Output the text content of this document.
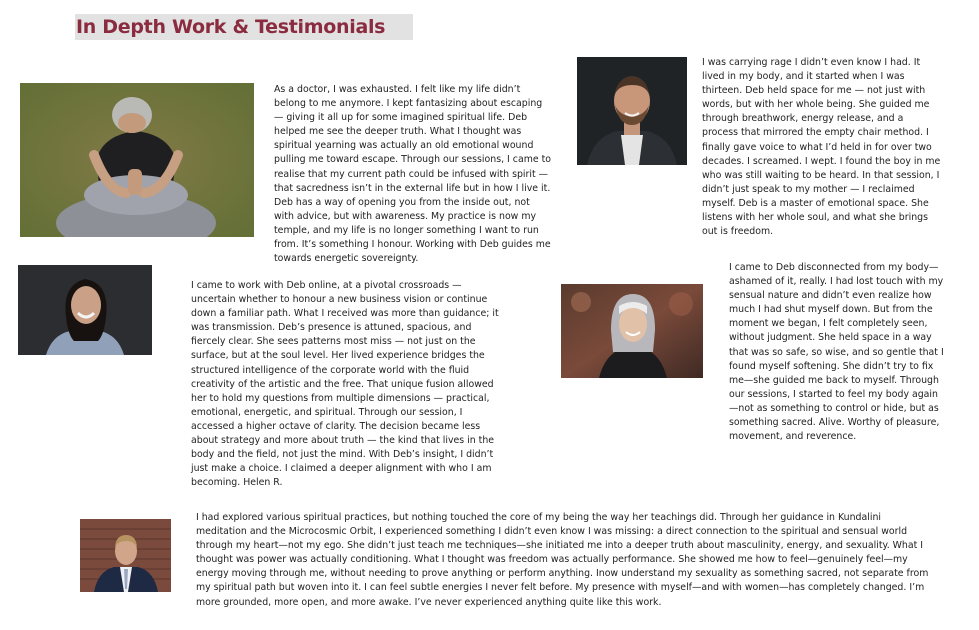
In Depth Work & Testimonials

As a doctor, I was exhausted. I felt like my life didn’t belong to me anymore. I kept fantasizing about escaping — giving it all up for some imagined spiritual life. Deb helped me see the deeper truth. What I thought was spiritual yearning was actually an old emotional wound pulling me toward escape. Through our sessions, I came to realise that my current path could be infused with spirit — that sacredness isn’t in the external life but in how I live it. Deb has a way of opening you from the inside out, not with advice, but with awareness. My practice is now my temple, and my life is no longer something I want to run from. It’s something I honour. Working with Deb guides me towards energetic sovereignty.

I was carrying rage I didn’t even know I had. It lived in my body, and it started when I was thirteen. Deb held space for me — not just with words, but with her whole being. She guided me through breathwork, energy release, and a process that mirrored the empty chair method. I finally gave voice to what I’d held in for over two decades. I screamed. I wept. I found the boy in me who was still waiting to be heard. In that session, I didn’t just speak to my mother — I reclaimed myself. Deb is a master of emotional space. She listens with her whole soul, and what she brings out is freedom.

I came to work with Deb online, at a pivotal crossroads — uncertain whether to honour a new business vision or continue down a familiar path. What I received was more than guidance; it was transmission. Deb’s presence is attuned, spacious, and fiercely clear. She sees patterns most miss — not just on the surface, but at the soul level. Her lived experience bridges the structured intelligence of the corporate world with the fluid creativity of the artistic and the free. That unique fusion allowed her to hold my questions from multiple dimensions — practical, emotional, energetic, and spiritual. Through our session, I accessed a higher octave of clarity. The decision became less about strategy and more about truth — the kind that lives in the body and the field, not just the mind. With Deb’s insight, I didn’t just make a choice. I claimed a deeper alignment with who I am becoming. Helen R.

I came to Deb disconnected from my body—ashamed of it, really. I had lost touch with my sensual nature and didn’t even realize how much I had shut myself down. But from the moment we began, I felt completely seen, without judgment. She held space in a way that was so safe, so wise, and so gentle that I found myself softening. She didn’t try to fix me—she guided me back to myself. Through our sessions, I started to feel my body again—not as something to control or hide, but as something sacred. Alive. Worthy of pleasure, movement, and reverence.

I had explored various spiritual practices, but nothing touched the core of my being the way her teachings did. Through her guidance in Kundalini meditation and the Microcosmic Orbit, I experienced something I didn’t even know I was missing: a direct connection to the spiritual and sensual world through my heart—not my ego. She didn’t just teach me techniques—she initiated me into a deeper truth about masculinity, energy, and sexuality. What I thought was power was actually conditioning. What I thought was freedom was actually performance. She showed me how to feel—genuinely feel—my energy moving through me, without needing to prove anything or perform anything. Inow understand my sexuality as something sacred, not separate from my spiritual path but woven into it. I can feel subtle energies I never felt before. My presence with myself—and with women—has completely changed. I’m more grounded, more open, and more awake. I’ve never experienced anything quite like this work.
